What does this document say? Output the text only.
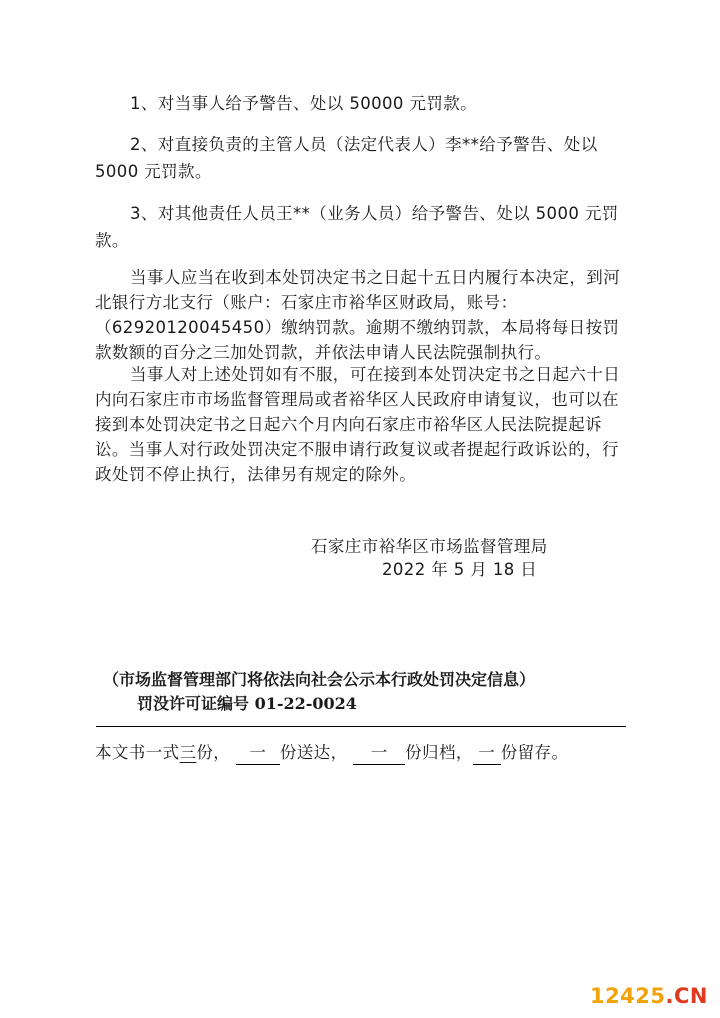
1、对当事人给予警告、处以 50000 元罚款。

2、对直接负责的主管人员（法定代表人）李**给予警告、处以 5000 元罚款。

3、对其他责任人员王**（业务人员）给予警告、处以 5000 元罚款。

当事人应当在收到本处罚决定书之日起十五日内履行本决定，到河北银行方北支行（账户：石家庄市裕华区财政局，账号：（62920120045450）缴纳罚款。逾期不缴纳罚款，本局将每日按罚款数额的百分之三加处罚款，并依法申请人民法院强制执行。

当事人对上述处罚如有不服，可在接到本处罚决定书之日起六十日内向石家庄市市场监督管理局或者裕华区人民政府申请复议，也可以在接到本处罚决定书之日起六个月内向石家庄市裕华区人民法院提起诉讼。当事人对行政处罚决定不服申请行政复议或者提起行政诉讼的，行政处罚不停止执行，法律另有规定的除外。

石家庄市裕华区市场监督管理局
2022 年 5 月 18 日
（市场监督管理部门将依法向社会公示本行政处罚决定信息）
罚没许可证编号 01-22-0024
本文书一式三份， 一 份送达， 一 份归档， 一 份留存。
12425.CN
